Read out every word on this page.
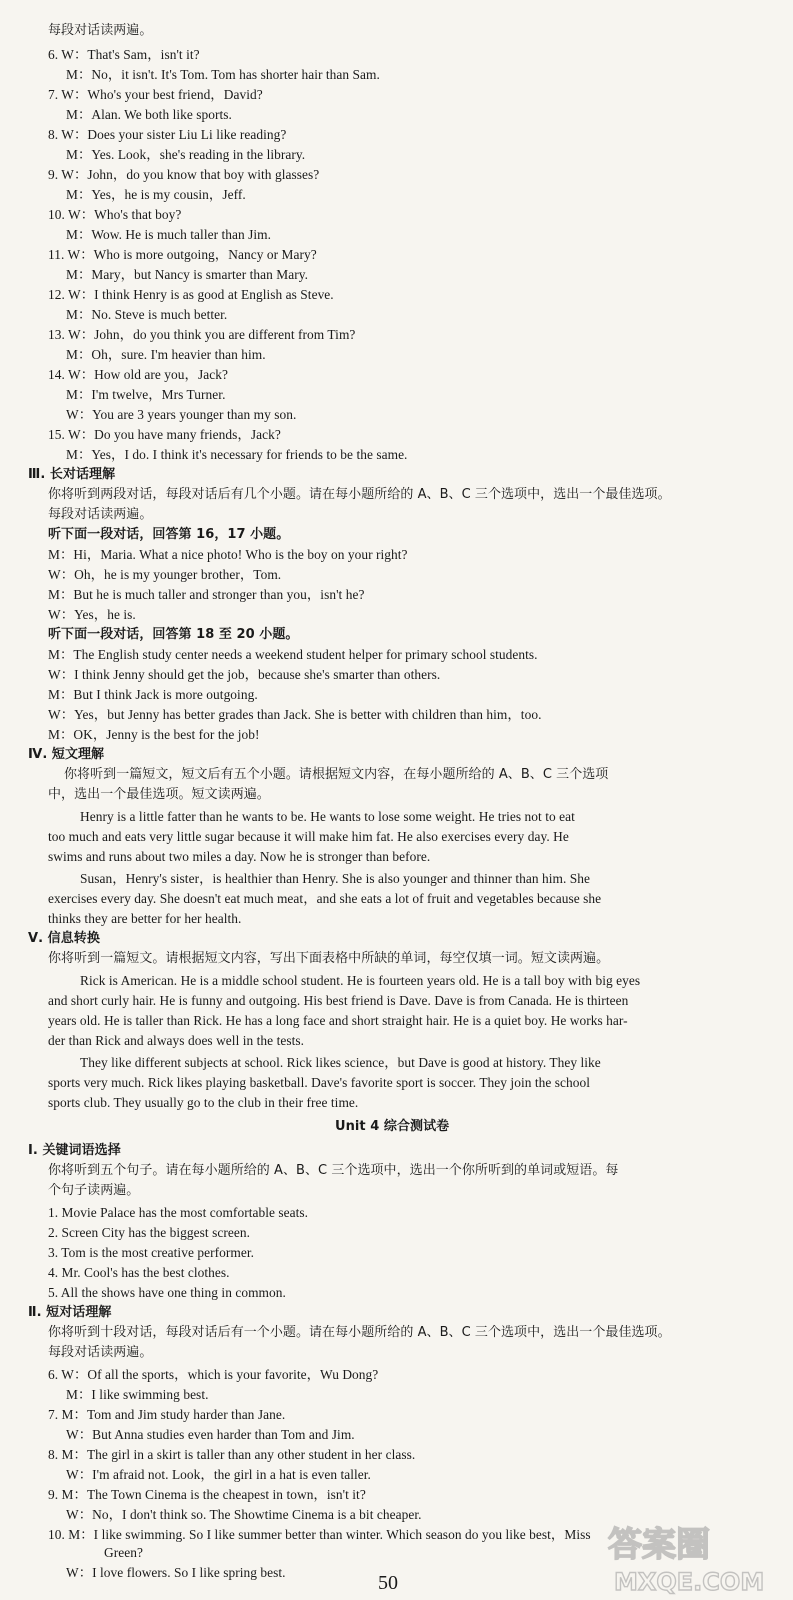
每段对话读两遍。
6. W：That's Sam，isn't it?
M：No，it isn't. It's Tom. Tom has shorter hair than Sam.
7. W：Who's your best friend，David?
M：Alan. We both like sports.
8. W：Does your sister Liu Li like reading?
M：Yes. Look，she's reading in the library.
9. W：John，do you know that boy with glasses?
M：Yes，he is my cousin，Jeff.
10. W：Who's that boy?
M：Wow. He is much taller than Jim.
11. W：Who is more outgoing，Nancy or Mary?
M：Mary，but Nancy is smarter than Mary.
12. W：I think Henry is as good at English as Steve.
M：No. Steve is much better.
13. W：John，do you think you are different from Tim?
M：Oh，sure. I'm heavier than him.
14. W：How old are you，Jack?
M：I'm twelve，Mrs Turner.
W：You are 3 years younger than my son.
15. W：Do you have many friends，Jack?
M：Yes，I do. I think it's necessary for friends to be the same.
Ⅲ. 长对话理解
你将听到两段对话，每段对话后有几个小题。请在每小题所给的 A、B、C 三个选项中，选出一个最佳选项。
每段对话读两遍。
听下面一段对话，回答第 16，17 小题。
M：Hi，Maria. What a nice photo! Who is the boy on your right?
W：Oh，he is my younger brother，Tom.
M：But he is much taller and stronger than you，isn't he?
W：Yes，he is.
听下面一段对话，回答第 18 至 20 小题。
M：The English study center needs a weekend student helper for primary school students.
W：I think Jenny should get the job，because she's smarter than others.
M：But I think Jack is more outgoing.
W：Yes，but Jenny has better grades than Jack. She is better with children than him，too.
M：OK，Jenny is the best for the job!
Ⅳ. 短文理解
你将听到一篇短文，短文后有五个小题。请根据短文内容，在每小题所给的 A、B、C 三个选项
中，选出一个最佳选项。短文读两遍。
Henry is a little fatter than he wants to be. He wants to lose some weight. He tries not to eat
too much and eats very little sugar because it will make him fat. He also exercises every day. He
swims and runs about two miles a day. Now he is stronger than before.
Susan，Henry's sister，is healthier than Henry. She is also younger and thinner than him. She
exercises every day. She doesn't eat much meat，and she eats a lot of fruit and vegetables because she
thinks they are better for her health.
Ⅴ. 信息转换
你将听到一篇短文。请根据短文内容，写出下面表格中所缺的单词，每空仅填一词。短文读两遍。
Rick is American. He is a middle school student. He is fourteen years old. He is a tall boy with big eyes
and short curly hair. He is funny and outgoing. His best friend is Dave. Dave is from Canada. He is thirteen
years old. He is taller than Rick. He has a long face and short straight hair. He is a quiet boy. He works har-
der than Rick and always does well in the tests.
They like different subjects at school. Rick likes science，but Dave is good at history. They like
sports very much. Rick likes playing basketball. Dave's favorite sport is soccer. They join the school
sports club. They usually go to the club in their free time.
Unit 4 综合测试卷
Ⅰ. 关键词语选择
你将听到五个句子。请在每小题所给的 A、B、C 三个选项中，选出一个你所听到的单词或短语。每
个句子读两遍。
1. Movie Palace has the most comfortable seats.
2. Screen City has the biggest screen.
3. Tom is the most creative performer.
4. Mr. Cool's has the best clothes.
5. All the shows have one thing in common.
Ⅱ. 短对话理解
你将听到十段对话，每段对话后有一个小题。请在每小题所给的 A、B、C 三个选项中，选出一个最佳选项。
每段对话读两遍。
6. W：Of all the sports，which is your favorite，Wu Dong?
M：I like swimming best.
7. M：Tom and Jim study harder than Jane.
W：But Anna studies even harder than Tom and Jim.
8. M：The girl in a skirt is taller than any other student in her class.
W：I'm afraid not. Look，the girl in a hat is even taller.
9. M：The Town Cinema is the cheapest in town，isn't it?
W：No，I don't think so. The Showtime Cinema is a bit cheaper.
10. M：I like swimming. So I like summer better than winter. Which season do you like best，Miss
Green?
W：I love flowers. So I like spring best.	50
答案圈
MXQE.COM
